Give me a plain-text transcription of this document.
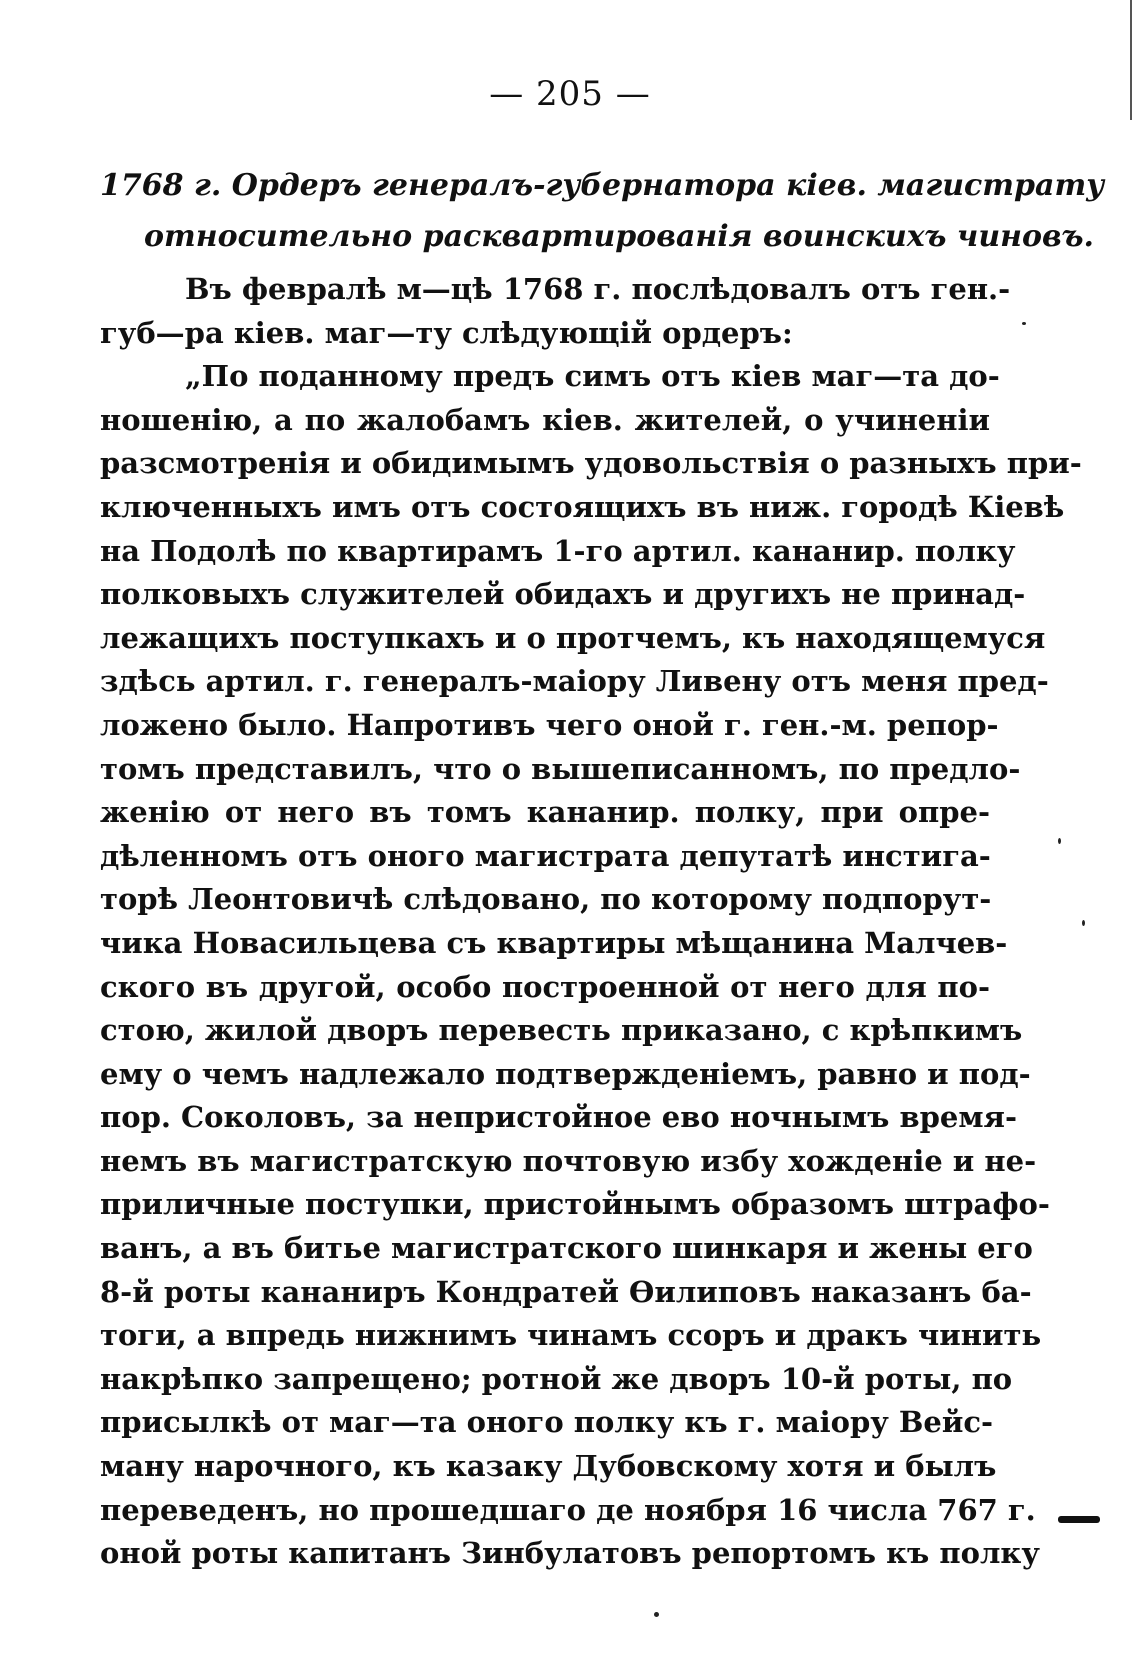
— 205 —
1768 г. Ордеръ генералъ-губернатора кіев. магистрату
относительно расквартированія воинскихъ чиновъ.
Въ февралѣ м—цѣ 1768 г. послѣдовалъ отъ ген.-
губ—ра кіев. маг—ту слѣдующій ордеръ:
„По поданному предъ симъ отъ кіев маг—та до-
ношенію, а по жалобамъ кіев. жителей, о учиненіи
разсмотренія и обидимымъ удовольствія о разныхъ при-
ключенныхъ имъ отъ состоящихъ въ ниж. городѣ Кіевѣ
на Подолѣ по квартирамъ 1-го артил. кананир. полку
полковыхъ служителей обидахъ и другихъ не принад-
лежащихъ поступкахъ и о протчемъ, къ находящемуся
здѣсь артил. г. генералъ-маіору Ливену отъ меня пред-
ложено было. Напротивъ чего оной г. ген.-м. репор-
томъ представилъ, что о вышеписанномъ, по предло-
женію от него въ томъ кананир. полку, при опре-
дѣленномъ отъ оного магистрата депутатѣ инстига-
торѣ Леонтовичѣ слѣдовано, по которому подпорут-
чика Новасильцева съ квартиры мѣщанина Малчев-
ского въ другой, особо построенной от него для по-
стою, жилой дворъ перевесть приказано, с крѣпкимъ
ему о чемъ надлежало подтвержденіемъ, равно и под-
пор. Соколовъ, за непристойное ево ночнымъ время-
немъ въ магистратскую почтовую избу хожденіе и не-
приличные поступки, пристойнымъ образомъ штрафо-
ванъ, а въ битье магистратского шинкаря и жены его
8-й роты кананиръ Кондратей Ѳилиповъ наказанъ ба-
тоги, а впредь нижнимъ чинамъ ссоръ и дракъ чинить
накрѣпко запрещено; ротной же дворъ 10-й роты, по
присылкѣ от маг—та оного полку къ г. маіору Вейс-
ману нарочного, къ казаку Дубовскому хотя и былъ
переведенъ, но прошедшаго де ноября 16 числа 767 г.
оной роты капитанъ Зинбулатовъ репортомъ къ полку
